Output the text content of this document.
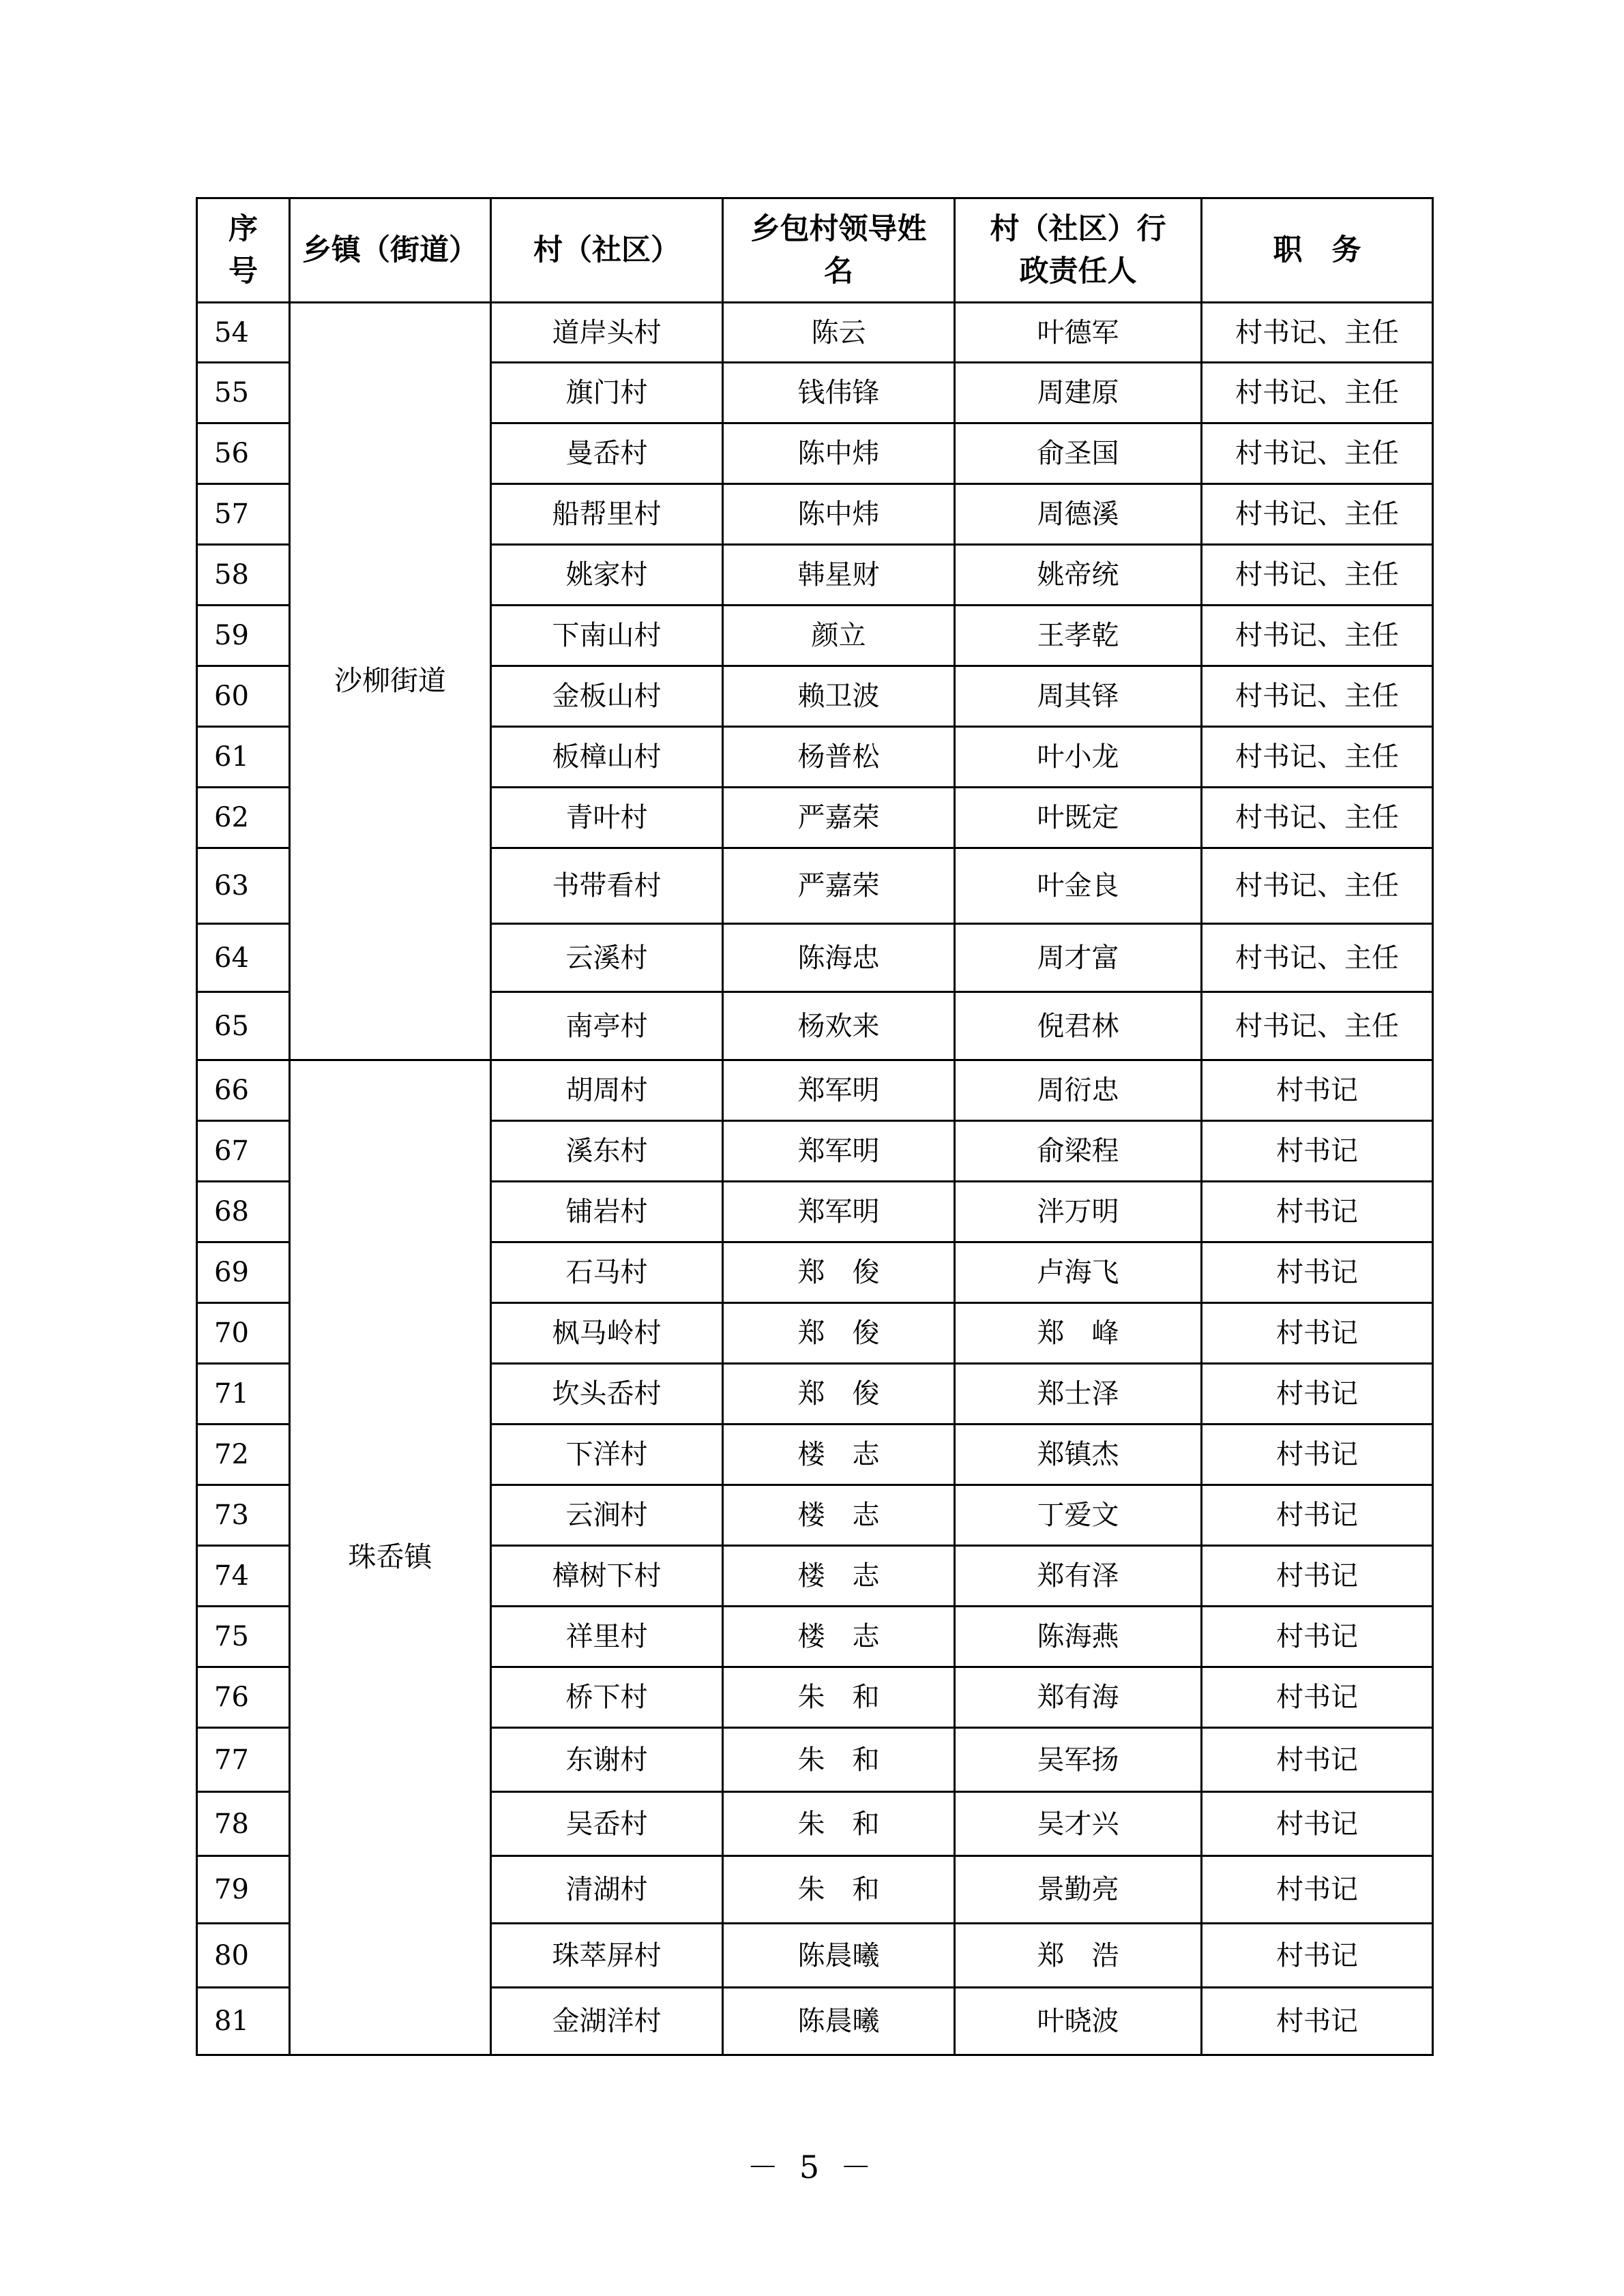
序号	乡镇（街道）	村（社区）	乡包村领导姓名	村（社区）行政责任人	职　务
54	沙柳街道	道岸头村	陈云	叶德军	村书记、主任
55		旗门村	钱伟锋	周建原	村书记、主任
56		曼岙村	陈中炜	俞圣国	村书记、主任
57		船帮里村	陈中炜	周德溪	村书记、主任
58		姚家村	韩星财	姚帝统	村书记、主任
59		下南山村	颜立	王孝乾	村书记、主任
60		金板山村	赖卫波	周其铎	村书记、主任
61		板樟山村	杨普松	叶小龙	村书记、主任
62		青叶村	严嘉荣	叶既定	村书记、主任
63		书带看村	严嘉荣	叶金良	村书记、主任
64		云溪村	陈海忠	周才富	村书记、主任
65		南亭村	杨欢来	倪君林	村书记、主任
66	珠岙镇	胡周村	郑军明	周衍忠	村书记
67		溪东村	郑军明	俞梁程	村书记
68		铺岩村	郑军明	泮万明	村书记
69		石马村	郑　俊	卢海飞	村书记
70		枫马岭村	郑　俊	郑　峰	村书记
71		坎头岙村	郑　俊	郑士泽	村书记
72		下洋村	楼　志	郑镇杰	村书记
73		云涧村	楼　志	丁爱文	村书记
74		樟树下村	楼　志	郑有泽	村书记
75		祥里村	楼　志	陈海燕	村书记
76		桥下村	朱　和	郑有海	村书记
77		东谢村	朱　和	吴军扬	村书记
78		吴岙村	朱　和	吴才兴	村书记
79		清湖村	朱　和	景勤亮	村书记
80		珠萃屏村	陈晨曦	郑　浩	村书记
81		金湖洋村	陈晨曦	叶晓波	村书记
－ 5 －
